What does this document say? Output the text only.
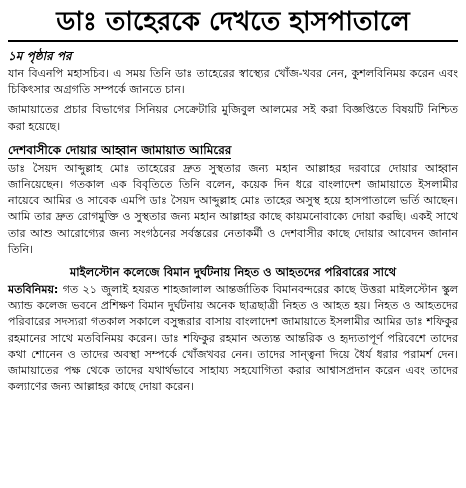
ডাঃ তাহেরকে দেখতে হাসপাতালে
১ম পৃষ্ঠার পর

যান বিএনপি মহাসচিব। এ সময় তিনি ডাঃ তাহেরের স্বাস্থ্যের খোঁজ-খবর নেন, কুশলবিনিময় করেন এবং চিকিৎসার অগ্রগতি সম্পর্কে জানতে চান।

জামায়াতের প্রচার বিভাগের সিনিয়র সেক্রেটারি মুজিবুল আলমের সই করা বিজ্ঞপ্তিতে বিষয়টি নিশ্চিত করা হয়েছে।

দেশবাসীকে দোয়ার আহ্বান জামায়াত আমিরের

ডাঃ সৈয়দ আব্দুল্লাহ মোঃ তাহেরের দ্রুত সুস্থতার জন্য মহান আল্লাহর দরবারে দোয়ার আহ্বান জানিয়েছেন। গতকাল এক বিবৃতিতে তিনি বলেন, কয়েক দিন ধরে বাংলাদেশ জামায়াতে ইসলামীর নায়েবে আমির ও সাবেক এমপি ডাঃ সৈয়দ আব্দুল্লাহ মোঃ তাহের অসুস্থ হয়ে হাসপাতালে ভর্তি আছেন। আমি তার দ্রুত রোগমুক্তি ও সুস্থতার জন্য মহান আল্লাহর কাছে কায়মনোবাক্যে দোয়া করছি। একই সাথে তার আশু আরোগ্যের জন্য সংগঠনের সর্বস্তরের নেতাকর্মী ও দেশবাসীর কাছে দোয়ার আবেদন জানান তিনি।

মাইলস্টোন কলেজে বিমান দুর্ঘটনায় নিহত ও আহতদের পরিবারের সাথে

মতবিনিময়: গত ২১ জুলাই হযরত শাহজালাল আন্তর্জাতিক বিমানবন্দরের কাছে উত্তরা মাইলস্টোন স্কুল অ্যান্ড কলেজ ভবনে প্রশিক্ষণ বিমান দুর্ঘটনায় অনেক ছাত্রছাত্রী নিহত ও আহত হয়। নিহত ও আহতদের পরিবারের সদস্যরা গতকাল সকালে বসুন্ধরার বাসায় বাংলাদেশ জামায়াতে ইসলামীর আমির ডাঃ শফিকুর রহমানের সাথে মতবিনিময় করেন। ডাঃ শফিকুর রহমান অত্যন্ত আন্তরিক ও হৃদ্যতাপূর্ণ পরিবেশে তাদের কথা শোনেন ও তাদের অবস্থা সম্পর্কে খোঁজখবর নেন। তাদের সান্ত্বনা দিয়ে ধৈর্য ধরার পরামর্শ দেন। জামায়াতের পক্ষ থেকে তাদের যথার্থভাবে সাহায্য সহযোগিতা করার আশ্বাসপ্রদান করেন এবং তাদের কল্যাণের জন্য আল্লাহর কাছে দোয়া করেন।
